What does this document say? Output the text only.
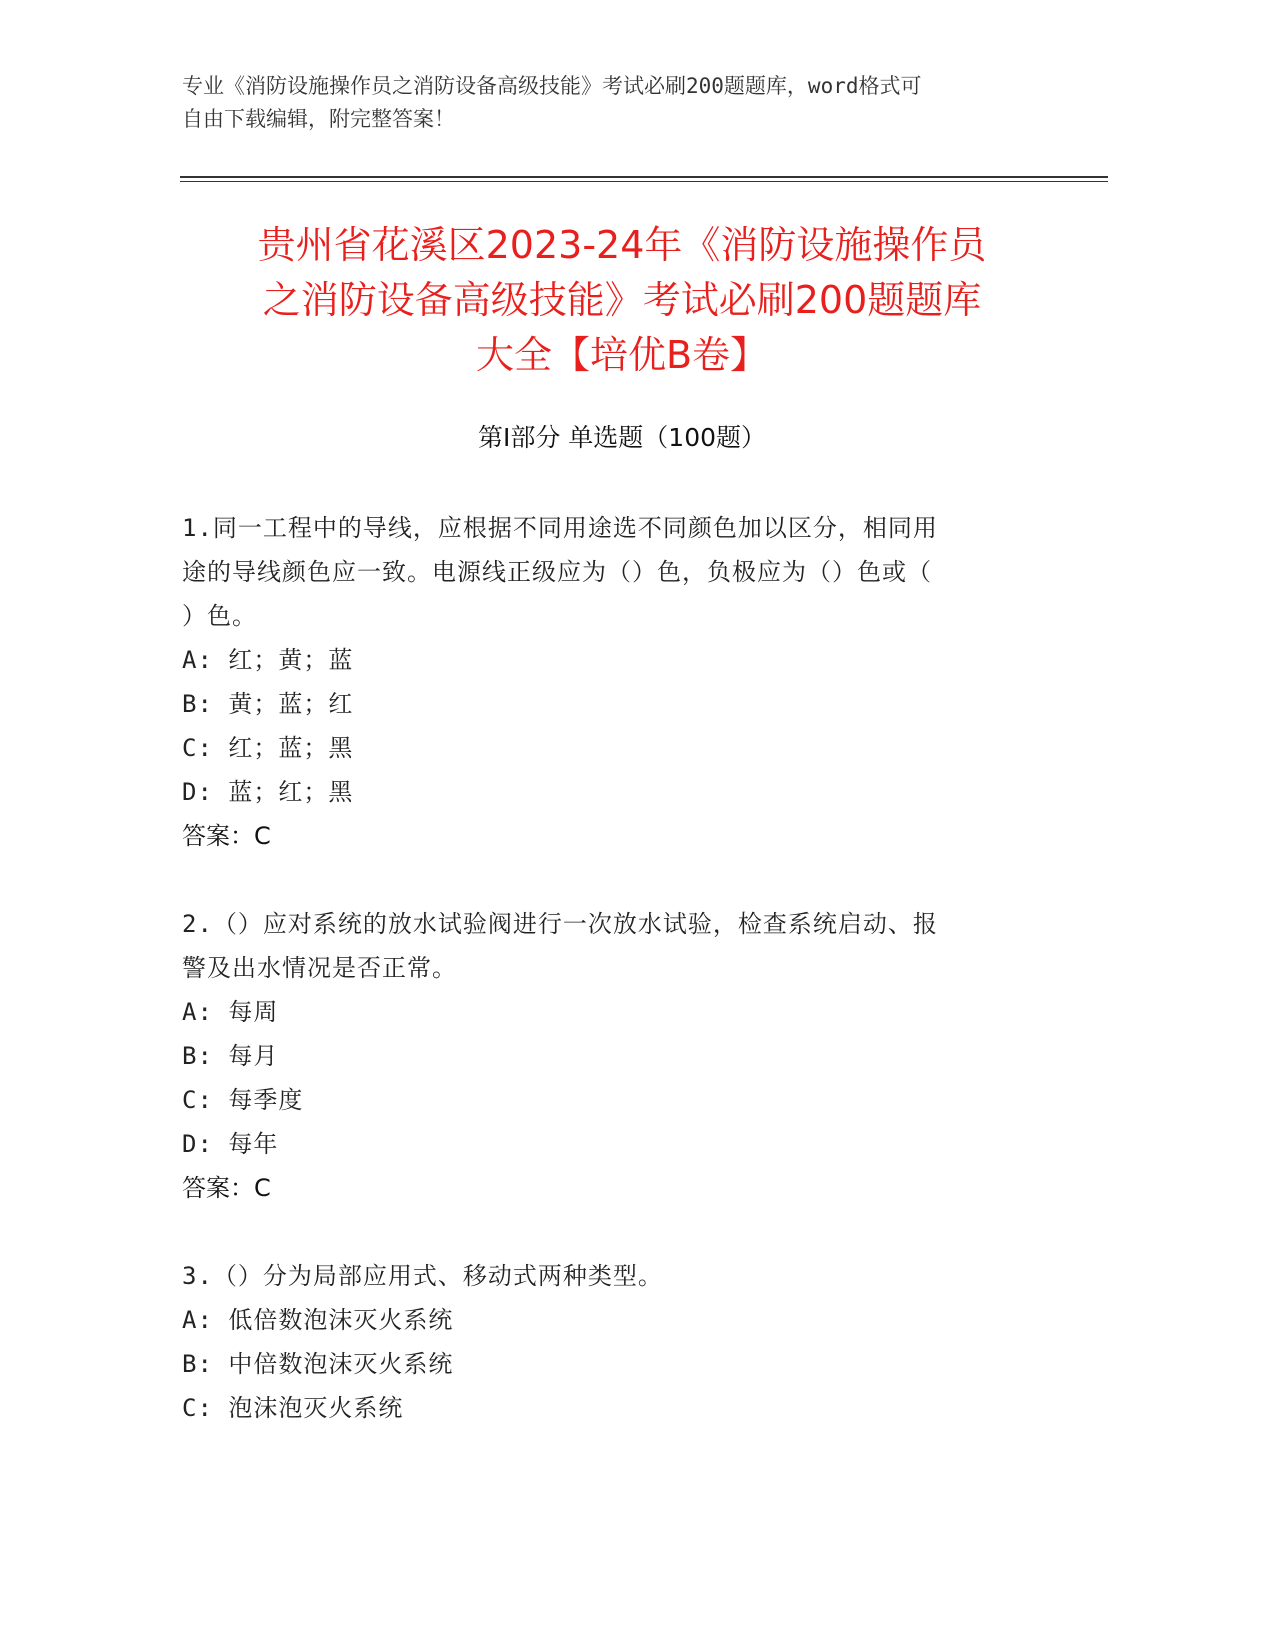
专业《消防设施操作员之消防设备高级技能》考试必刷200题题库，word格式可
自由下载编辑，附完整答案！
贵州省花溪区2023-24年《消防设施操作员
之消防设备高级技能》考试必刷200题题库
大全【培优B卷】
第Ⅰ部分 单选题（100题）
1.同一工程中的导线，应根据不同用途选不同颜色加以区分，相同用
途的导线颜色应一致。电源线正级应为（）色，负极应为（）色或（
）色。
A: 红；黄；蓝
B: 黄；蓝；红
C: 红；蓝；黑
D: 蓝；红；黑
答案：C
2.（）应对系统的放水试验阀进行一次放水试验，检查系统启动、报
警及出水情况是否正常。
A: 每周
B: 每月
C: 每季度
D: 每年
答案：C
3.（）分为局部应用式、移动式两种类型。
A: 低倍数泡沫灭火系统
B: 中倍数泡沫灭火系统
C: 泡沫泡灭火系统
